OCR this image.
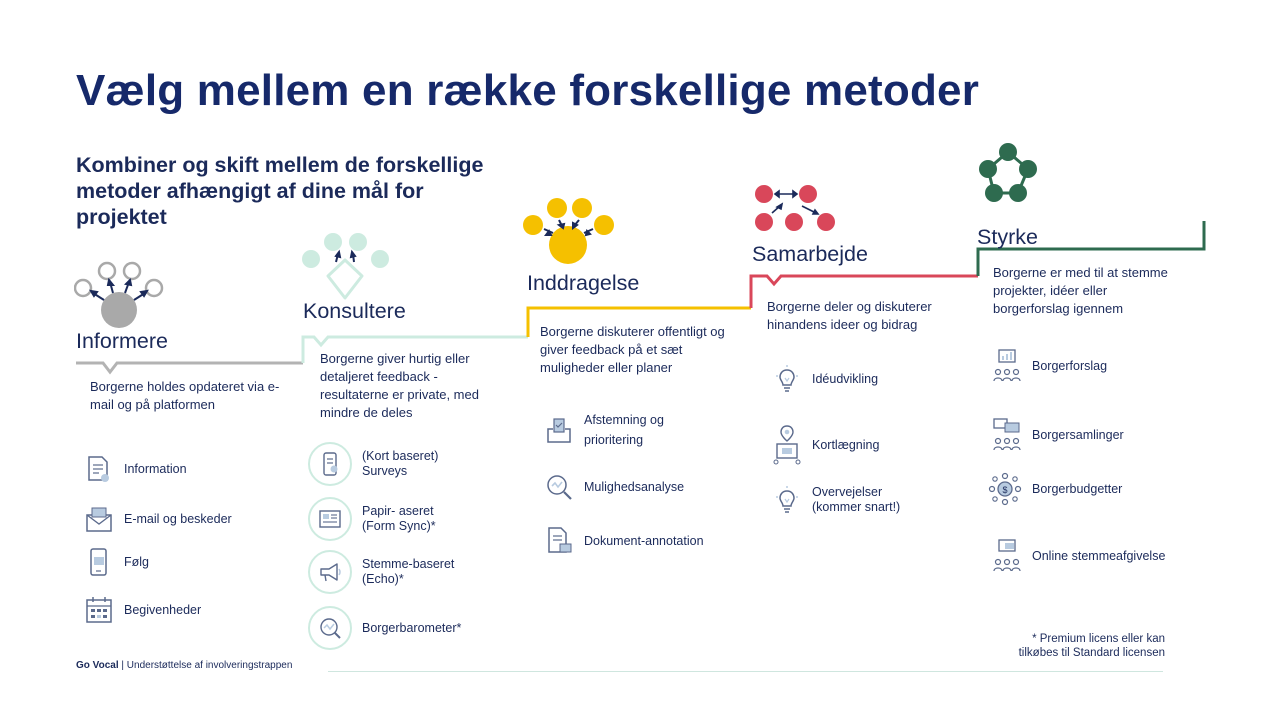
Vælg mellem en række forskellige metoder
Kombiner og skift mellem de forskellige metoder afhængigt af dine mål for projektet
Informere
Borgerne holdes opdateret via e-mail og på platformen
Konsultere
Borgerne giver hurtig eller detaljeret feedback - resultaterne er private, med mindre de deles
Inddragelse
Borgerne diskuterer offentligt og giver feedback på et sæt muligheder eller planer
Samarbejde
Borgerne deler og diskuterer hinandens ideer og bidrag
Styrke
Borgerne er med til at stemme projekter, idéer eller borgerforslag igennem
Information
E-mail og beskeder
Følg
Begivenheder
(Kort baseret)
Surveys
Papir- aseret
(Form Sync)*
Stemme-baseret
(Echo)*
Borgerbarometer*
Afstemning og
prioritering
Mulighedsanalyse
Dokument-annotation
Idéudvikling
Kortlægning
Overvejelser
(kommer snart!)
Borgerforslag
Borgersamlinger
$ Borgerbudgetter
Online stemmeafgivelse
Go Vocal | Understøttelse af involveringstrappen
* Premium licens eller kan tilkøbes til Standard licensen
